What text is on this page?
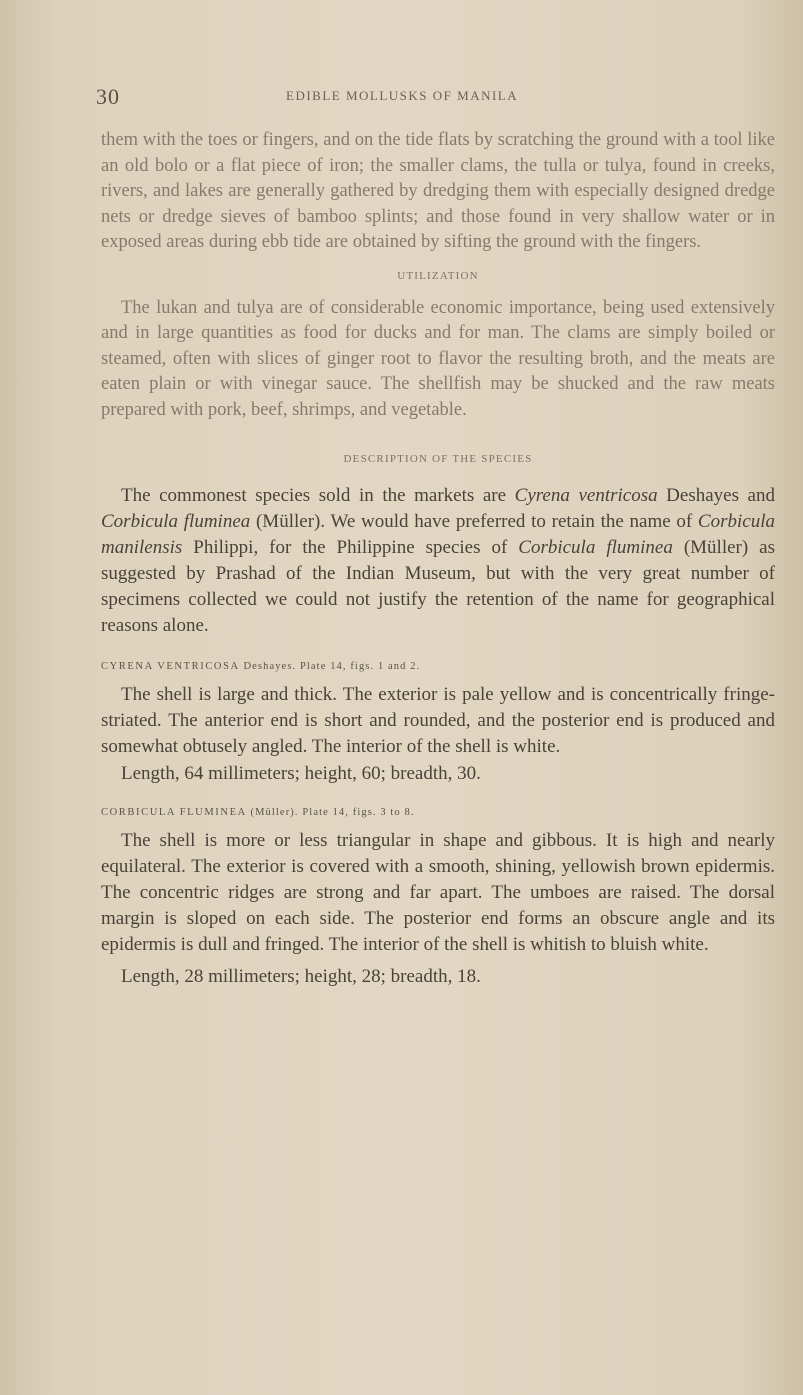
30	EDIBLE MOLLUSKS OF MANILA

them with the toes or fingers, and on the tide flats by scratching the ground with a tool like an old bolo or a flat piece of iron; the smaller clams, the tulla or tulya, found in creeks, rivers, and lakes are generally gathered by dredging them with especially designed dredge nets or dredge sieves of bamboo splints; and those found in very shallow water or in exposed areas during ebb tide are obtained by sifting the ground with the fingers.

UTILIZATION

The lukan and tulya are of considerable economic importance, being used extensively and in large quantities as food for ducks and for man. The clams are simply boiled or steamed, often with slices of ginger root to flavor the resulting broth, and the meats are eaten plain or with vinegar sauce. The shellfish may be shucked and the raw meats prepared with pork, beef, shrimps, and vegetable.

DESCRIPTION OF THE SPECIES

The commonest species sold in the markets are Cyrena ventricosa Deshayes and Corbicula fluminea (Müller). We would have preferred to retain the name of Corbicula manilensis Philippi, for the Philippine species of Corbicula fluminea (Müller) as suggested by Prashad of the Indian Museum, but with the very great number of specimens collected we could not justify the retention of the name for geographical reasons alone.

CYRENA VENTRICOSA Deshayes. Plate 14, figs. 1 and 2.

The shell is large and thick. The exterior is pale yellow and is concentrically fringe-striated. The anterior end is short and rounded, and the posterior end is produced and somewhat obtusely angled. The interior of the shell is white.

Length, 64 millimeters; height, 60; breadth, 30.

CORBICULA FLUMINEA (Müller). Plate 14, figs. 3 to 8.

The shell is more or less triangular in shape and gibbous. It is high and nearly equilateral. The exterior is covered with a smooth, shining, yellowish brown epidermis. The concentric ridges are strong and far apart. The umboes are raised. The dorsal margin is sloped on each side. The posterior end forms an obscure angle and its epidermis is dull and fringed. The interior of the shell is whitish to bluish white.

Length, 28 millimeters; height, 28; breadth, 18.
